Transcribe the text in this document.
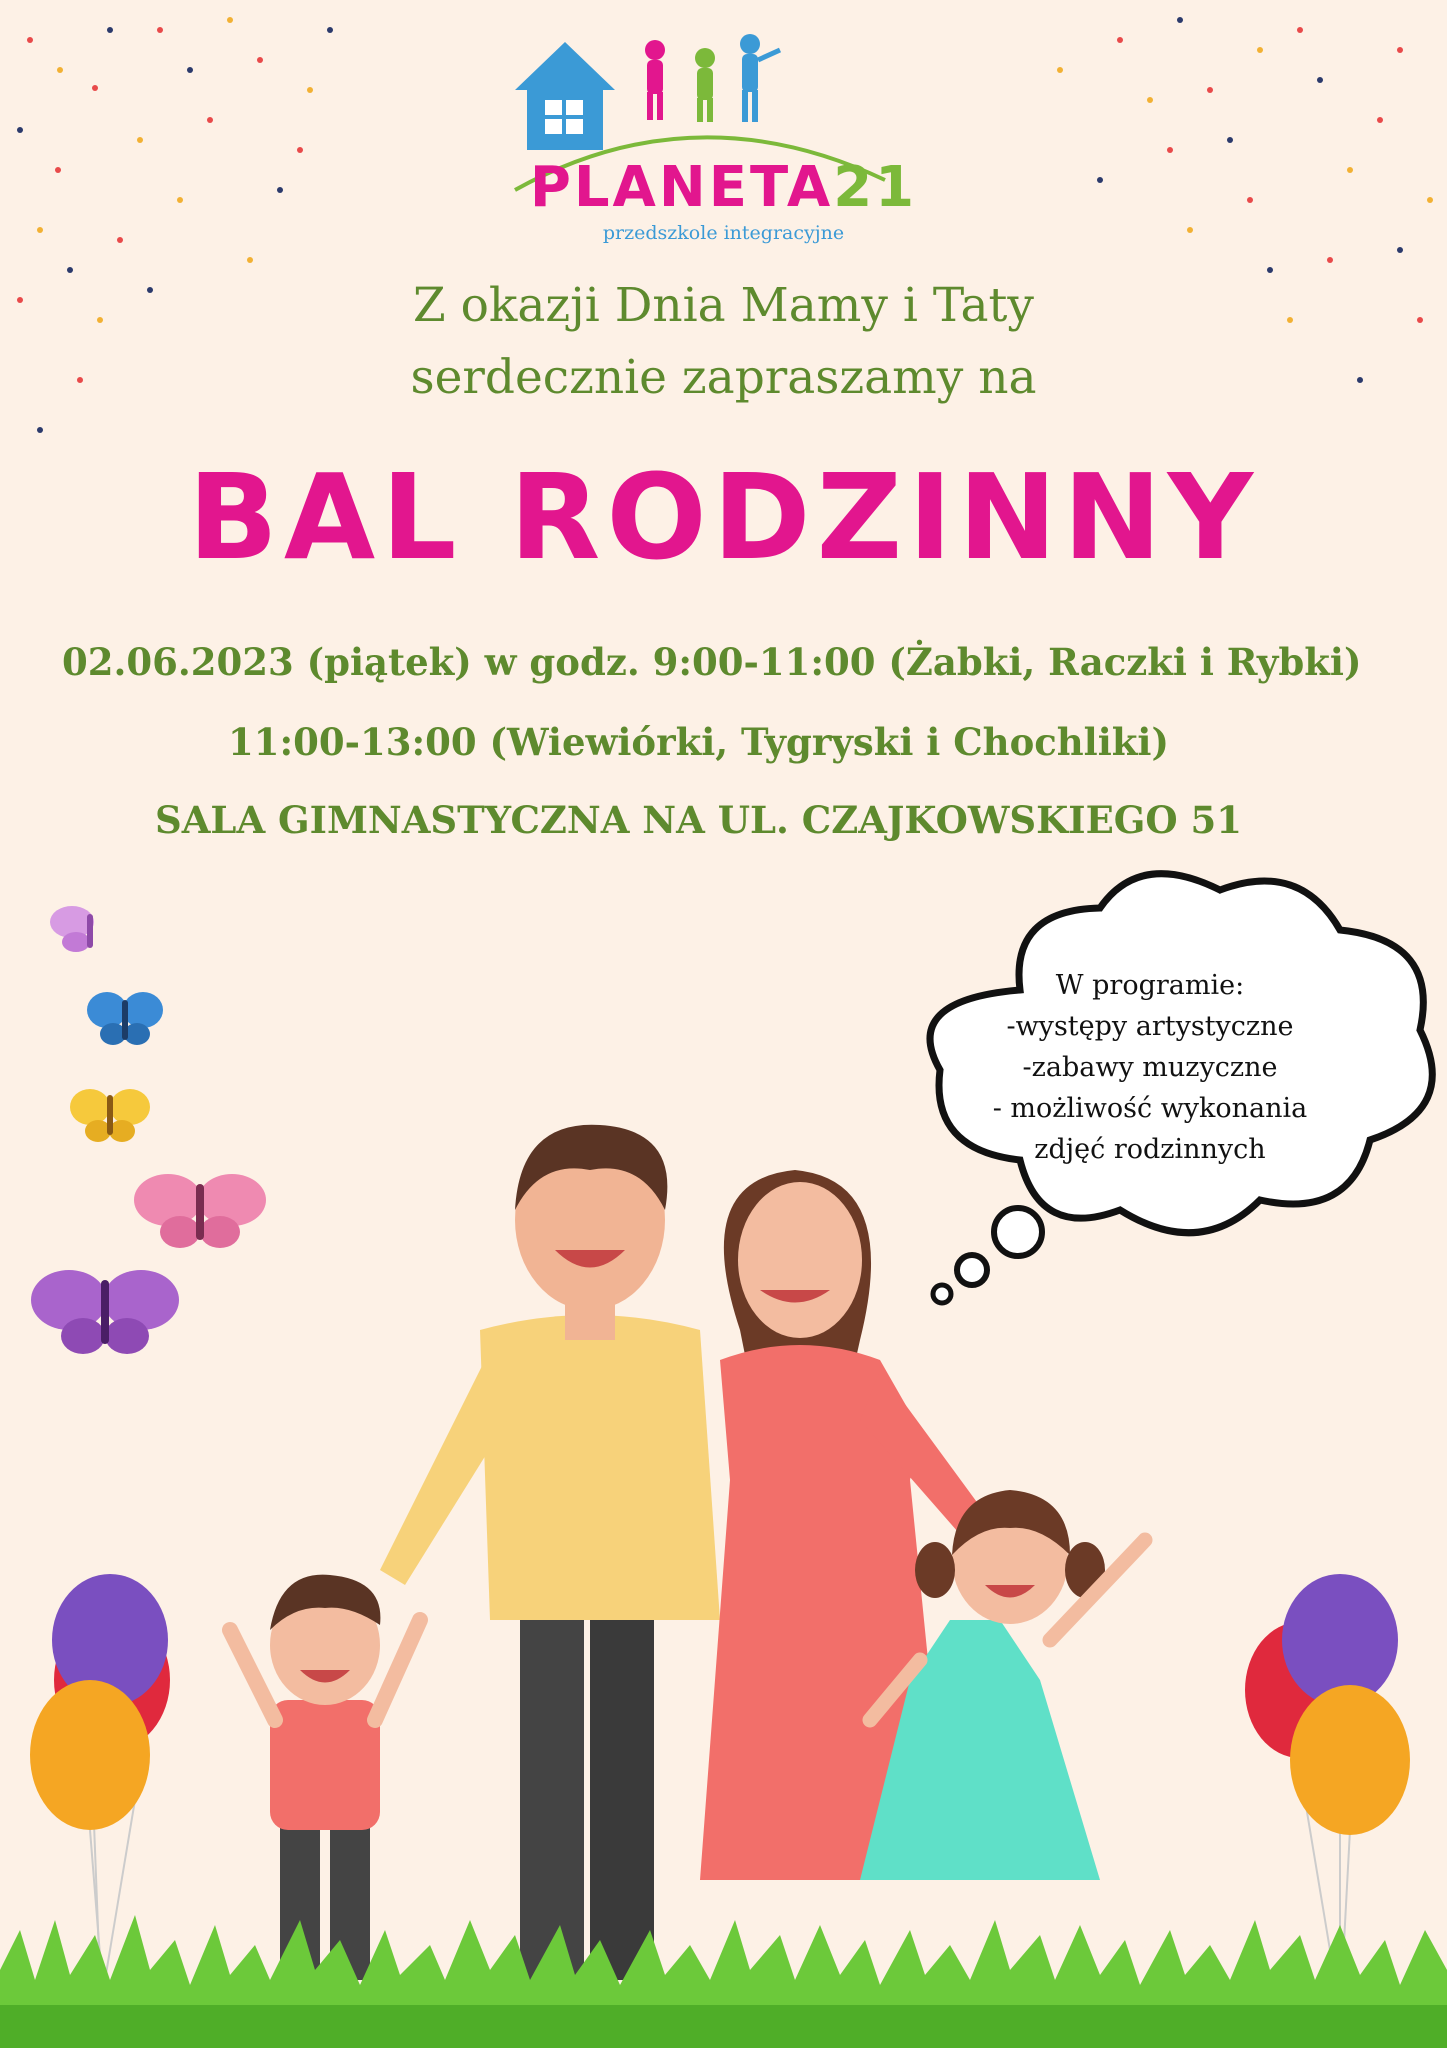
PLANETA21
przedszkole integracyjne
Z okazji Dnia Mamy i Taty
serdecznie zapraszamy na
BAL RODZINNY
02.06.2023 (piątek) w godz. 9:00-11:00 (Żabki, Raczki i Rybki)
11:00-13:00 (Wiewiórki, Tygryski i Chochliki)
SALA GIMNASTYCZNA NA UL. CZAJKOWSKIEGO 51
W programie:
-występy artystyczne
-zabawy muzyczne
- możliwość wykonania
zdjęć rodzinnych
